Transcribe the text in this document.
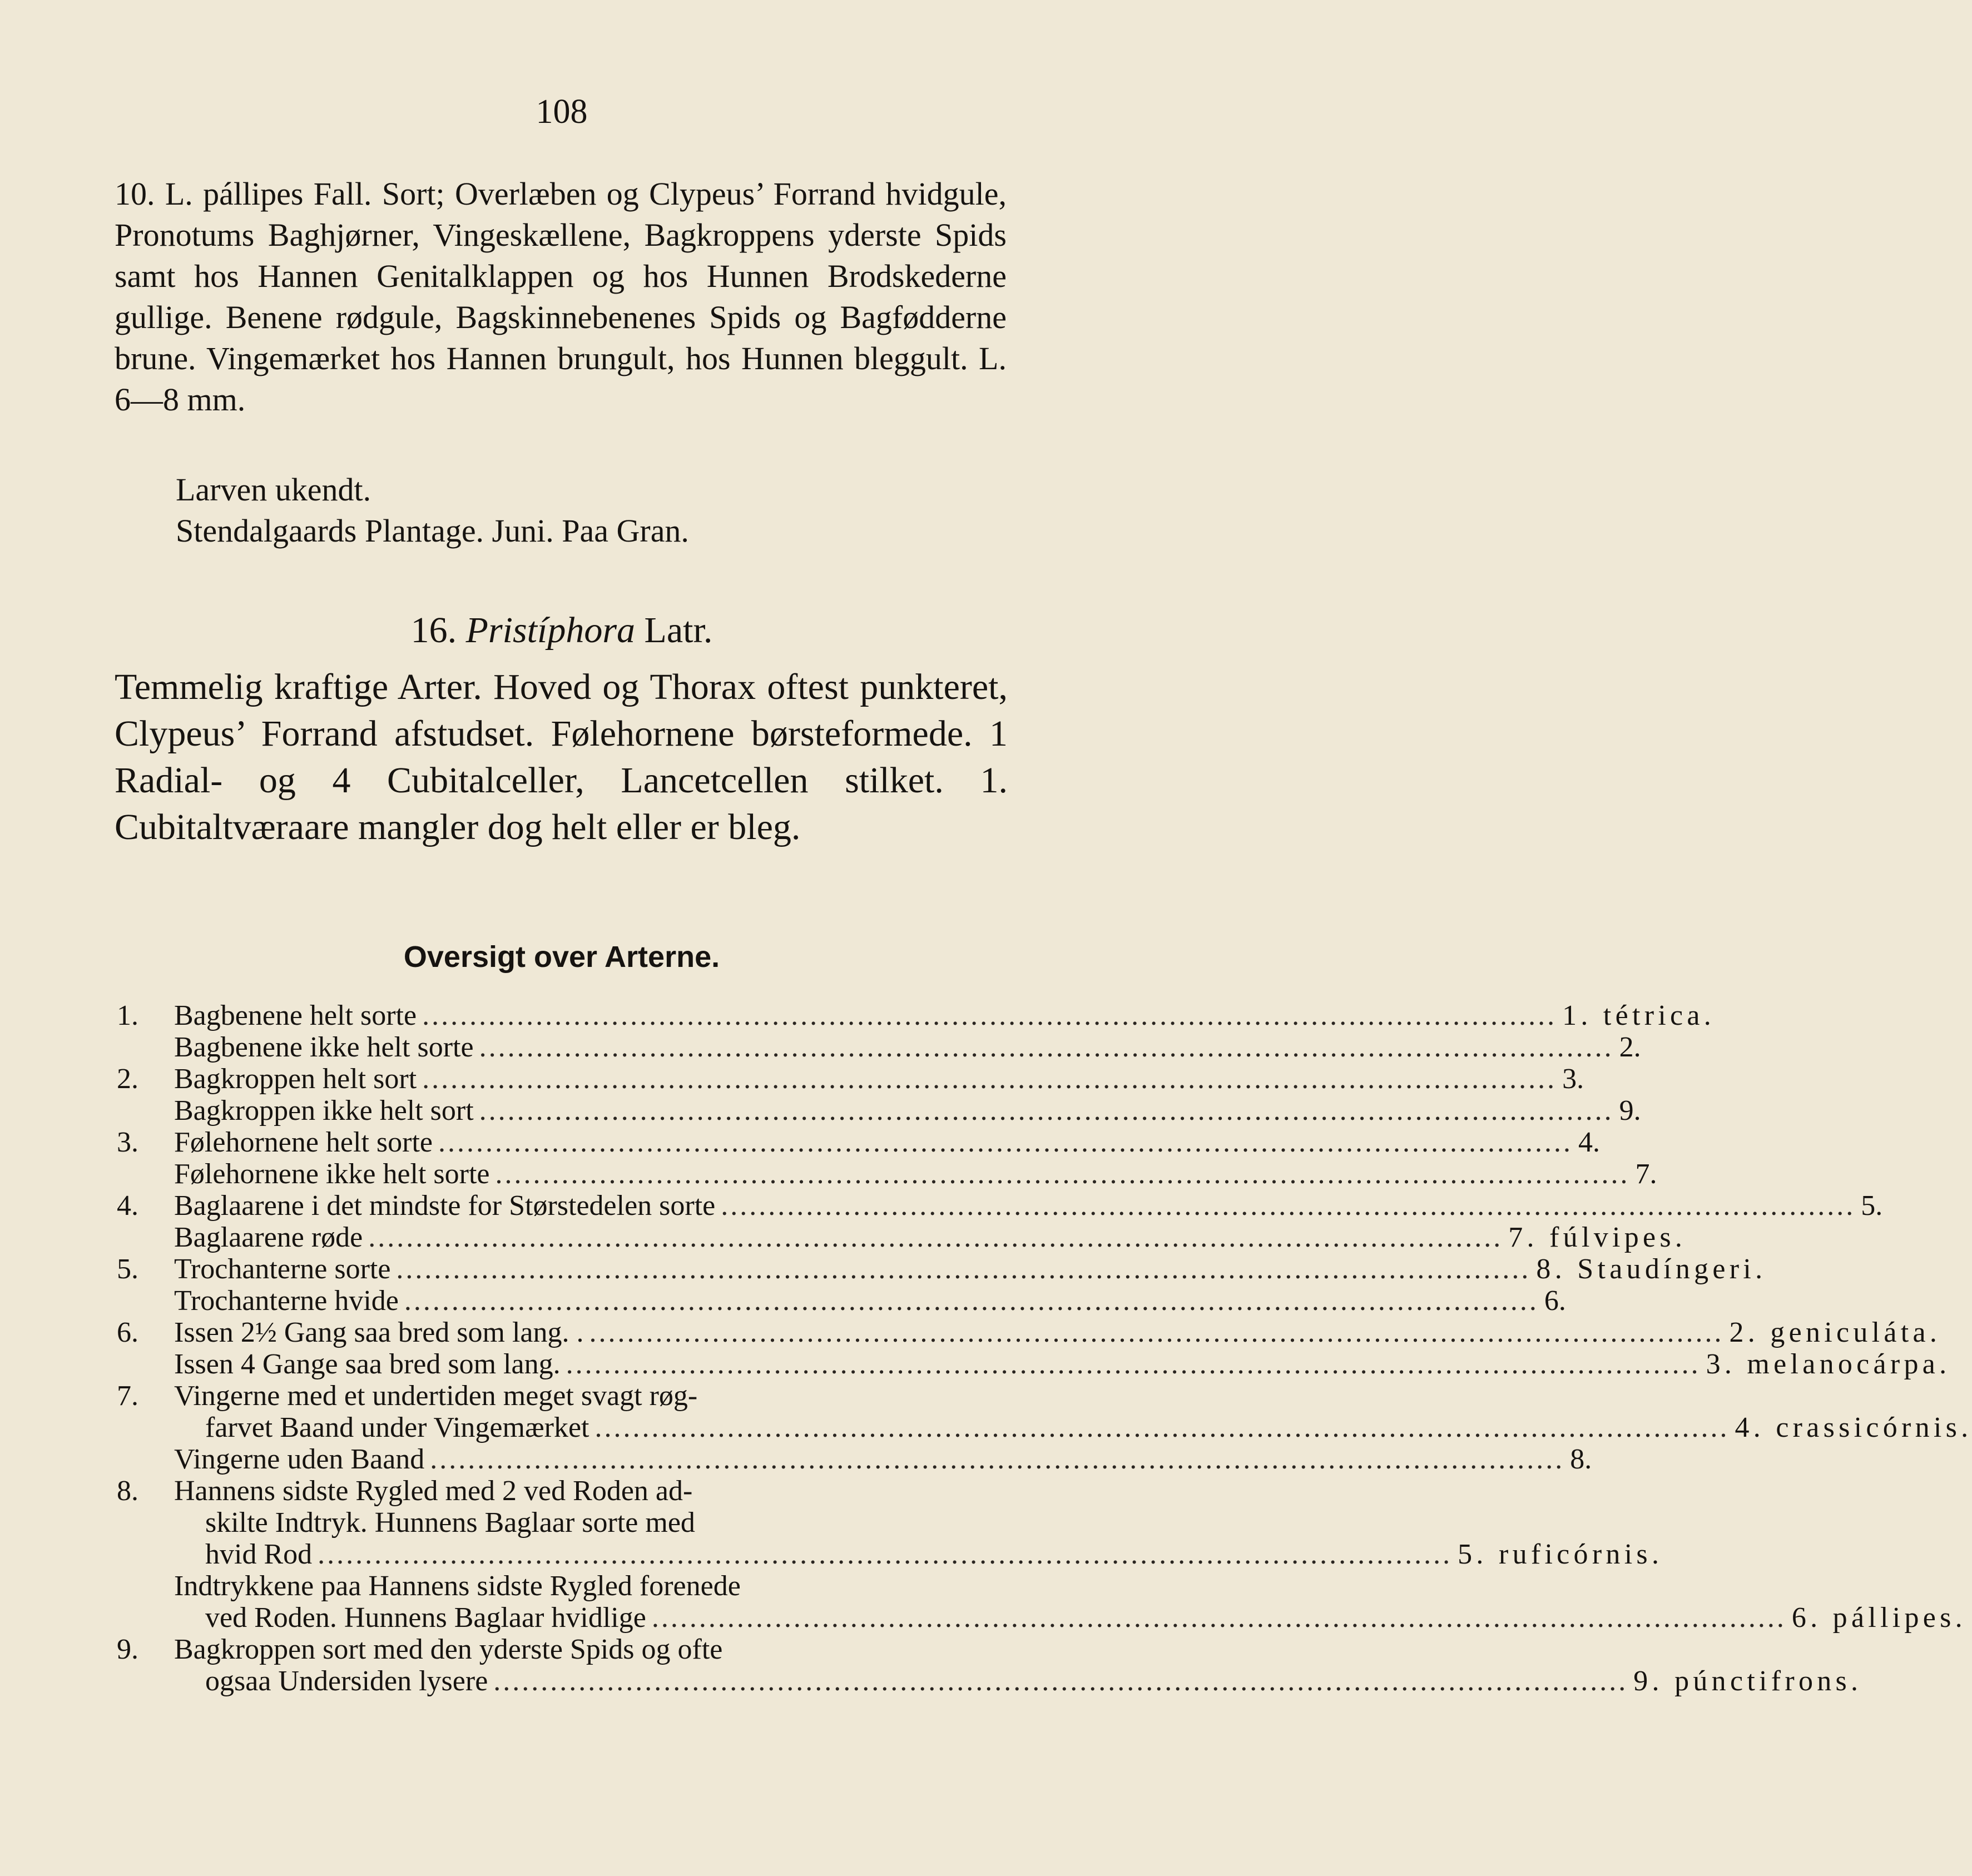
108
10. L. pállipes Fall. Sort; Overlæben og Clypeus’ Forrand hvidgule, Pronotums Baghjørner, Vingeskællene, Bagkroppens yderste Spids samt hos Hannen Genitalklappen og hos Hunnen Brodskederne gullige. Benene rødgule, Bagskinnebenenes Spids og Bagfødderne brune. Vingemærket hos Hannen brungult, hos Hunnen bleggult. L. 6—8 mm.
Larven ukendt.
Stendalgaards Plantage. Juni. Paa Gran.
16. Pristíphora Latr.
Temmelig kraftige Arter. Hoved og Thorax oftest punkteret, Clypeus’ Forrand afstudset. Følehornene børsteformede. 1 Radial- og 4 Cubitalceller, Lancetcellen stilket. 1. Cubitaltværaare mangler dog helt eller er bleg.
Oversigt over Arterne.
1.	Bagbenene helt sorte ........................................................................................................................ 1. tétrica.
Bagbenene ikke helt sorte ........................................................................................................................ 2.
2.	Bagkroppen helt sort ........................................................................................................................ 3.
Bagkroppen ikke helt sort ........................................................................................................................ 9.
3.	Følehornene helt sorte ........................................................................................................................ 4.
Følehornene ikke helt sorte ........................................................................................................................ 7.
4.	Baglaarene i det mindste for Størstedelen sorte ........................................................................................................................ 5.
Baglaarene røde ........................................................................................................................ 7. fúlvipes.
5.	Trochanterne sorte ........................................................................................................................ 8. Staudíngeri.
Trochanterne hvide ........................................................................................................................ 6.
6.	Issen 2½ Gang saa bred som lang. . ........................................................................................................................ 2. geniculáta.
Issen 4 Gange saa bred som lang. ........................................................................................................................ 3. melanocárpa.
7.	Vingerne med et undertiden meget svagt røg-
farvet Baand under Vingemærket ........................................................................................................................ 4. crassicórnis.
Vingerne uden Baand ........................................................................................................................ 8.
8.	Hannens sidste Rygled med 2 ved Roden ad-
skilte Indtryk. Hunnens Baglaar sorte med
hvid Rod ........................................................................................................................ 5. ruficórnis.
Indtrykkene paa Hannens sidste Rygled forenede
ved Roden. Hunnens Baglaar hvidlige ........................................................................................................................ 6. pállipes.
9.	Bagkroppen sort med den yderste Spids og ofte
ogsaa Undersiden lysere ........................................................................................................................ 9. púnctifrons.
